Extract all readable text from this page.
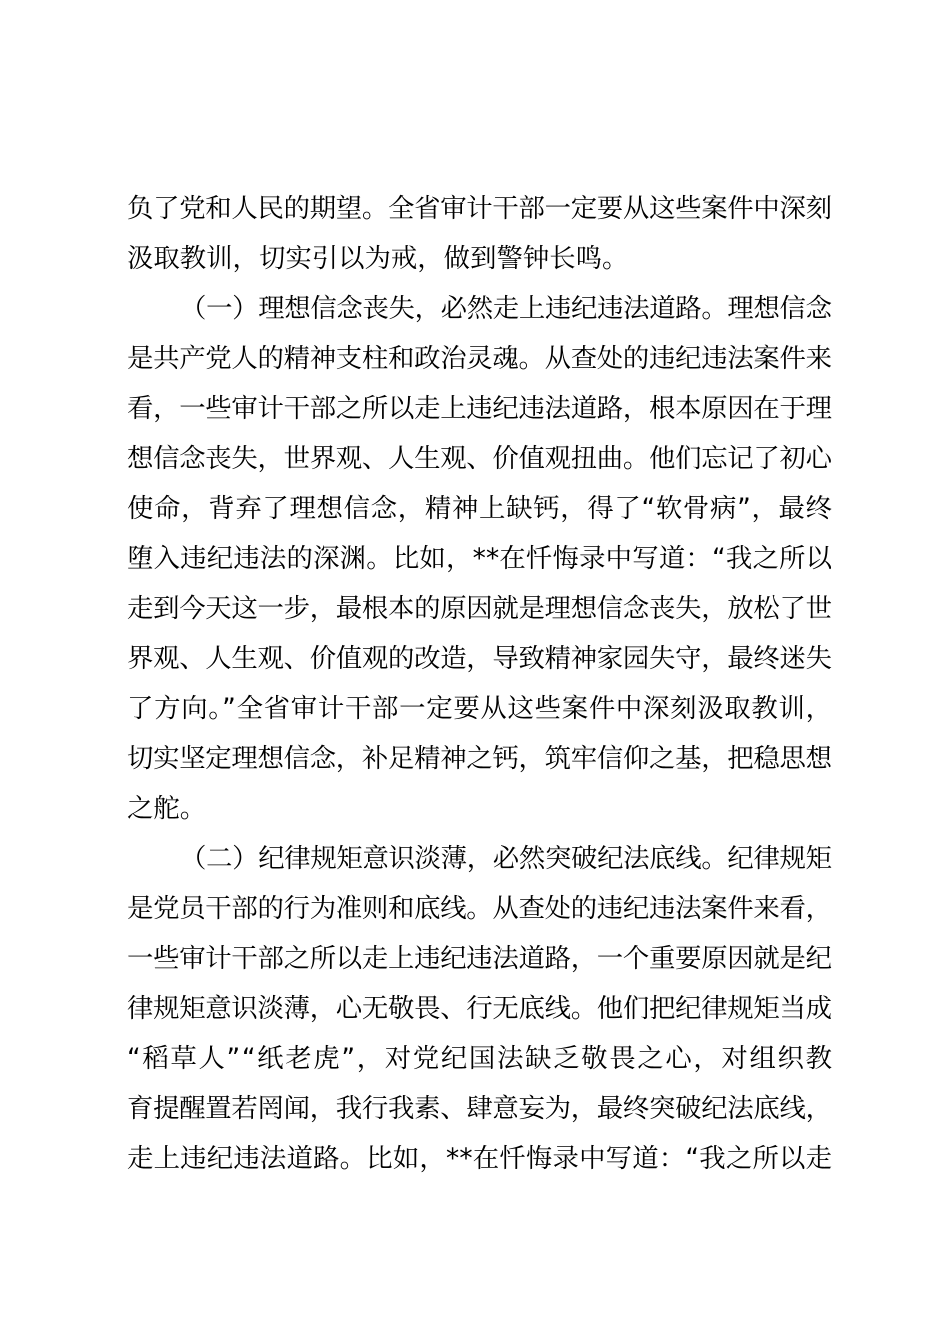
负了党和人民的期望。全省审计干部一定要从这些案件中深刻
汲取教训，切实引以为戒，做到警钟长鸣。

（一）理想信念丧失，必然走上违纪违法道路。理想信念
是共产党人的精神支柱和政治灵魂。从查处的违纪违法案件来
看，一些审计干部之所以走上违纪违法道路，根本原因在于理
想信念丧失，世界观、人生观、价值观扭曲。他们忘记了初心
使命，背弃了理想信念，精神上缺钙，得了“软骨病”，最终
堕入违纪违法的深渊。比如，**在忏悔录中写道：“我之所以
走到今天这一步，最根本的原因就是理想信念丧失，放松了世
界观、人生观、价值观的改造，导致精神家园失守，最终迷失
了方向。”全省审计干部一定要从这些案件中深刻汲取教训，
切实坚定理想信念，补足精神之钙，筑牢信仰之基，把稳思想
之舵。

（二）纪律规矩意识淡薄，必然突破纪法底线。纪律规矩
是党员干部的行为准则和底线。从查处的违纪违法案件来看，
一些审计干部之所以走上违纪违法道路，一个重要原因就是纪
律规矩意识淡薄，心无敬畏、行无底线。他们把纪律规矩当成
“稻草人”“纸老虎”，对党纪国法缺乏敬畏之心，对组织教
育提醒置若罔闻，我行我素、肆意妄为，最终突破纪法底线，
走上违纪违法道路。比如，**在忏悔录中写道：“我之所以走
